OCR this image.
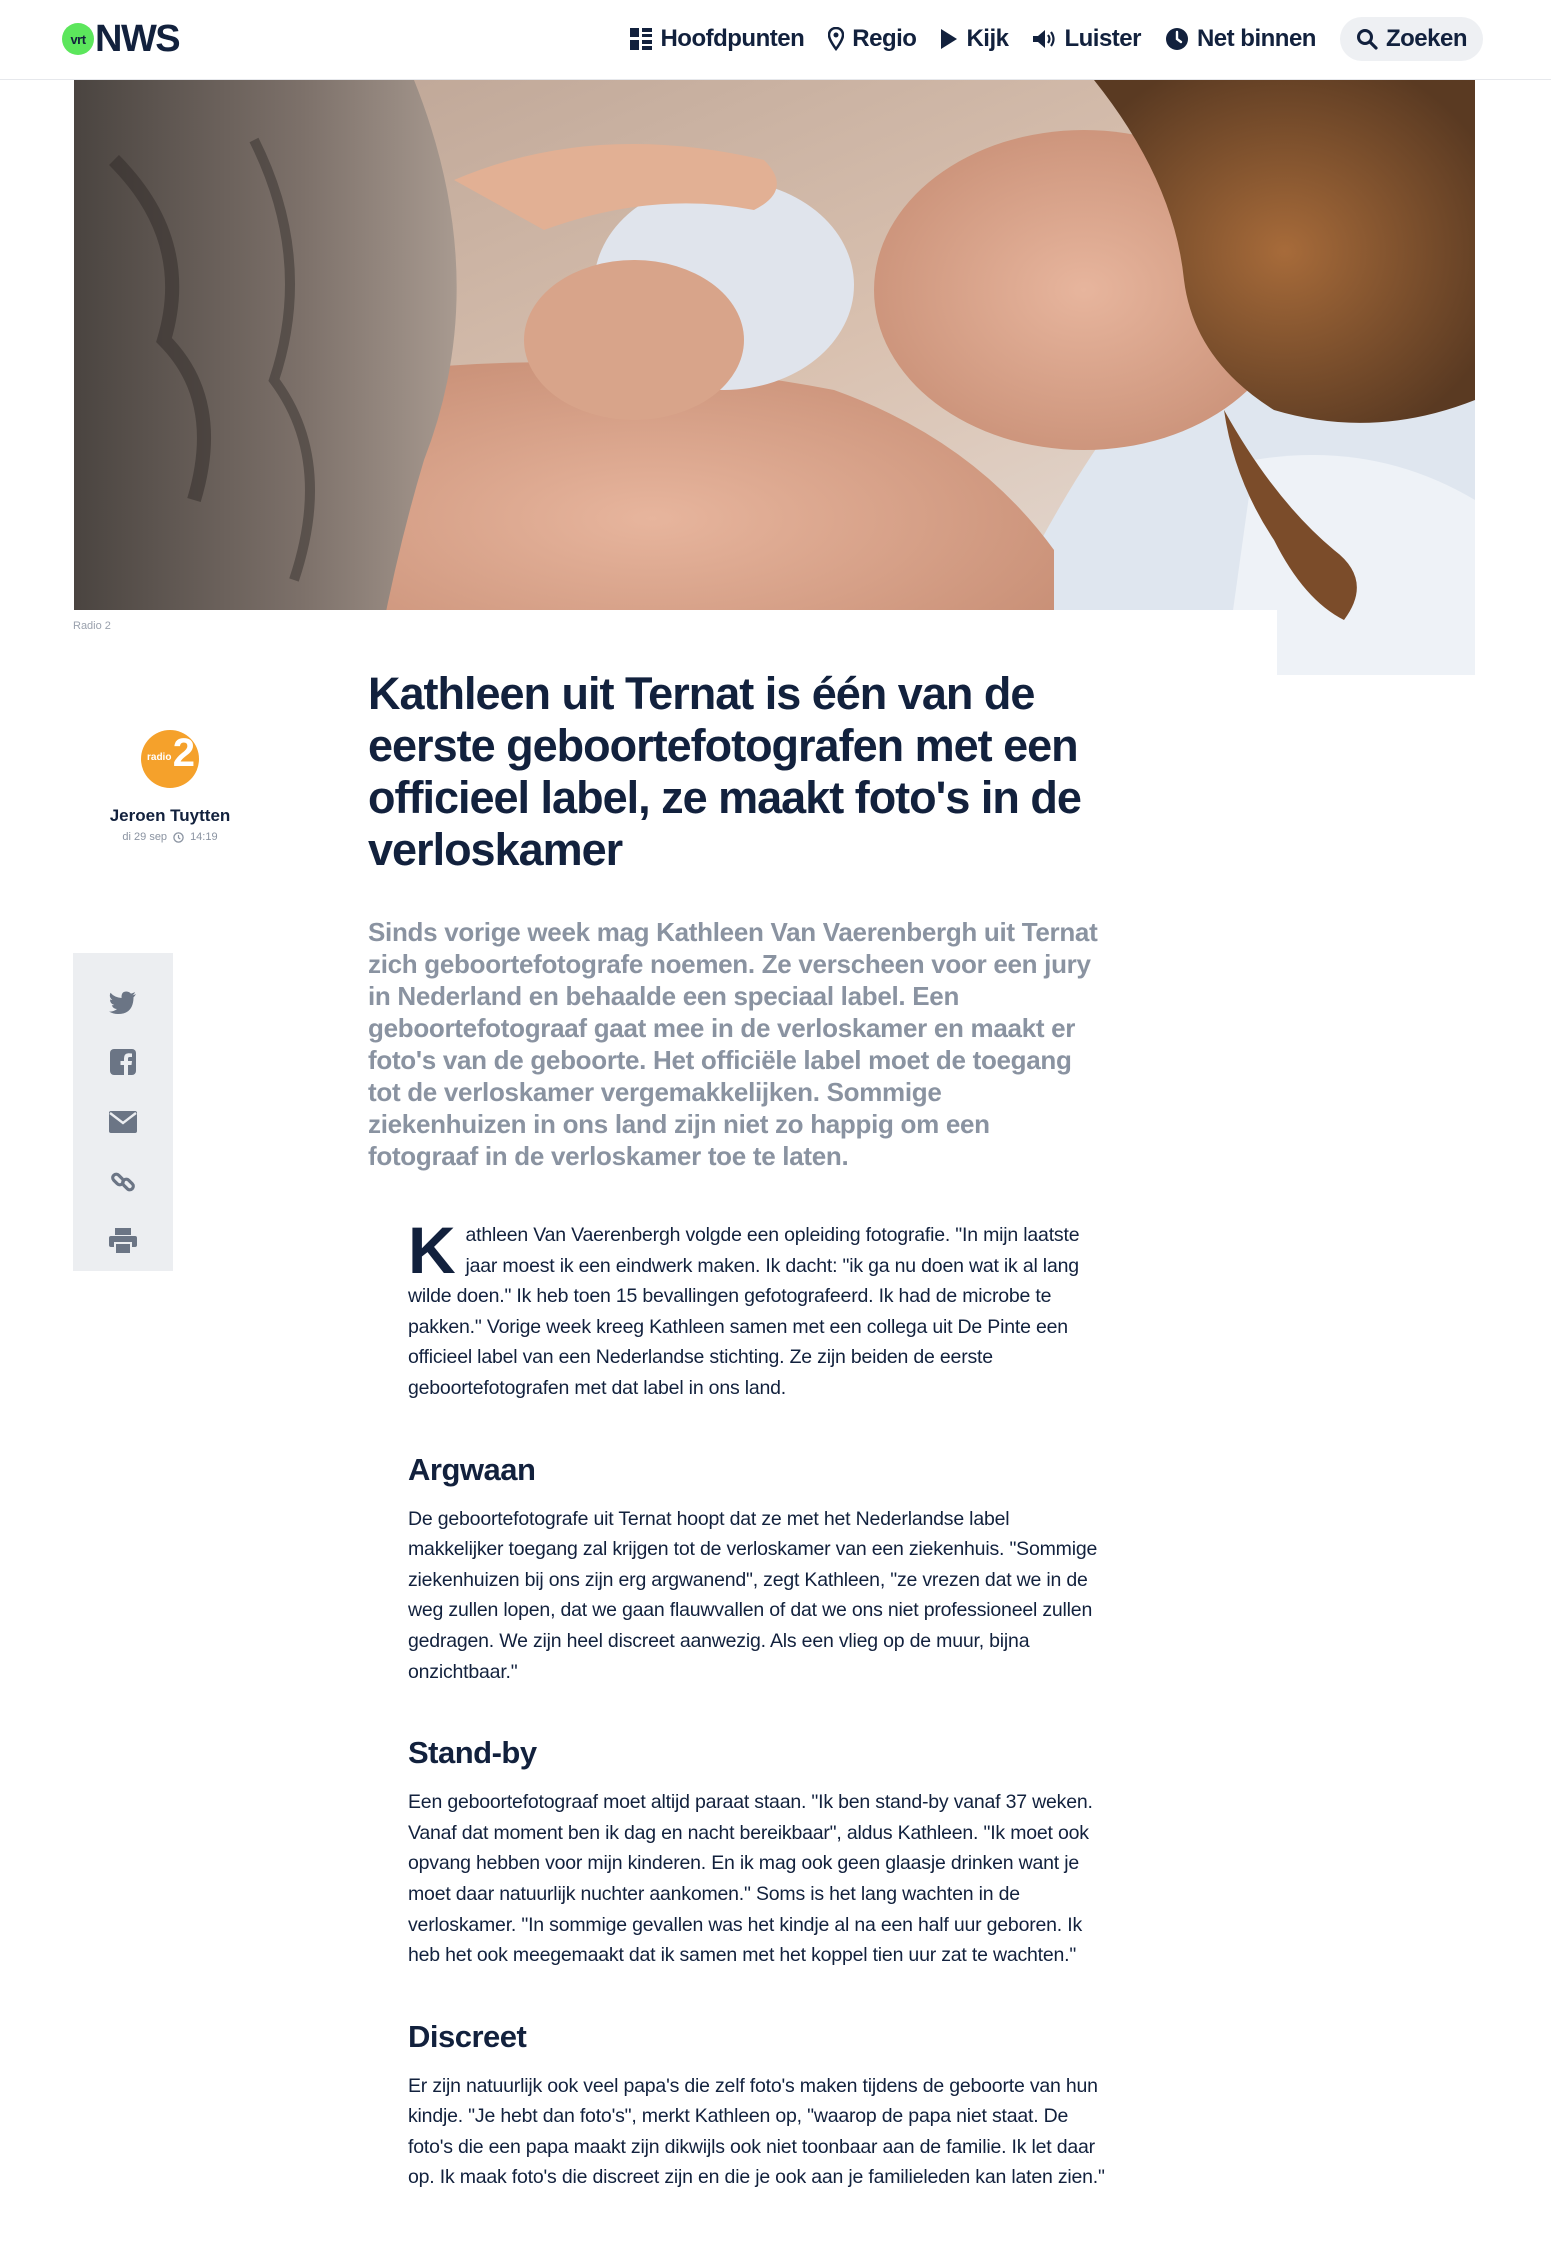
vrt NWS	Hoofdpunten Regio Kijk Luister Net binnen	Zoeken
Radio 2
radio 2
Jeroen Tuytten
di 29 sep 14:19
Kathleen uit Ternat is één van de eerste geboortefotografen met een officieel label, ze maakt foto's in de verloskamer

Sinds vorige week mag Kathleen Van Vaerenbergh uit Ternat zich geboortefotografe noemen. Ze verscheen voor een jury in Nederland en behaalde een speciaal label. Een geboortefotograaf gaat mee in de verloskamer en maakt er foto's van de geboorte. Het officiële label moet de toegang tot de verloskamer vergemakkelijken. Sommige ziekenhuizen in ons land zijn niet zo happig om een fotograaf in de verloskamer toe te laten.

Kathleen Van Vaerenbergh volgde een opleiding fotografie. "In mijn laatste jaar moest ik een eindwerk maken. Ik dacht: "ik ga nu doen wat ik al lang wilde doen." Ik heb toen 15 bevallingen gefotografeerd. Ik had de microbe te pakken." Vorige week kreeg Kathleen samen met een collega uit De Pinte een officieel label van een Nederlandse stichting. Ze zijn beiden de eerste geboortefotografen met dat label in ons land.

Argwaan

De geboortefotografe uit Ternat hoopt dat ze met het Nederlandse label makkelijker toegang zal krijgen tot de verloskamer van een ziekenhuis. "Sommige ziekenhuizen bij ons zijn erg argwanend", zegt Kathleen, "ze vrezen dat we in de weg zullen lopen, dat we gaan flauwvallen of dat we ons niet professioneel zullen gedragen. We zijn heel discreet aanwezig. Als een vlieg op de muur, bijna onzichtbaar."

Stand-by

Een geboortefotograaf moet altijd paraat staan. "Ik ben stand-by vanaf 37 weken. Vanaf dat moment ben ik dag en nacht bereikbaar", aldus Kathleen. "Ik moet ook opvang hebben voor mijn kinderen. En ik mag ook geen glaasje drinken want je moet daar natuurlijk nuchter aankomen." Soms is het lang wachten in de verloskamer. "In sommige gevallen was het kindje al na een half uur geboren. Ik heb het ook meegemaakt dat ik samen met het koppel tien uur zat te wachten."

Discreet

Er zijn natuurlijk ook veel papa's die zelf foto's maken tijdens de geboorte van hun kindje. "Je hebt dan foto's", merkt Kathleen op, "waarop de papa niet staat. De foto's die een papa maakt zijn dikwijls ook niet toonbaar aan de familie. Ik let daar op. Ik maak foto's die discreet zijn en die je ook aan je familieleden kan laten zien."
